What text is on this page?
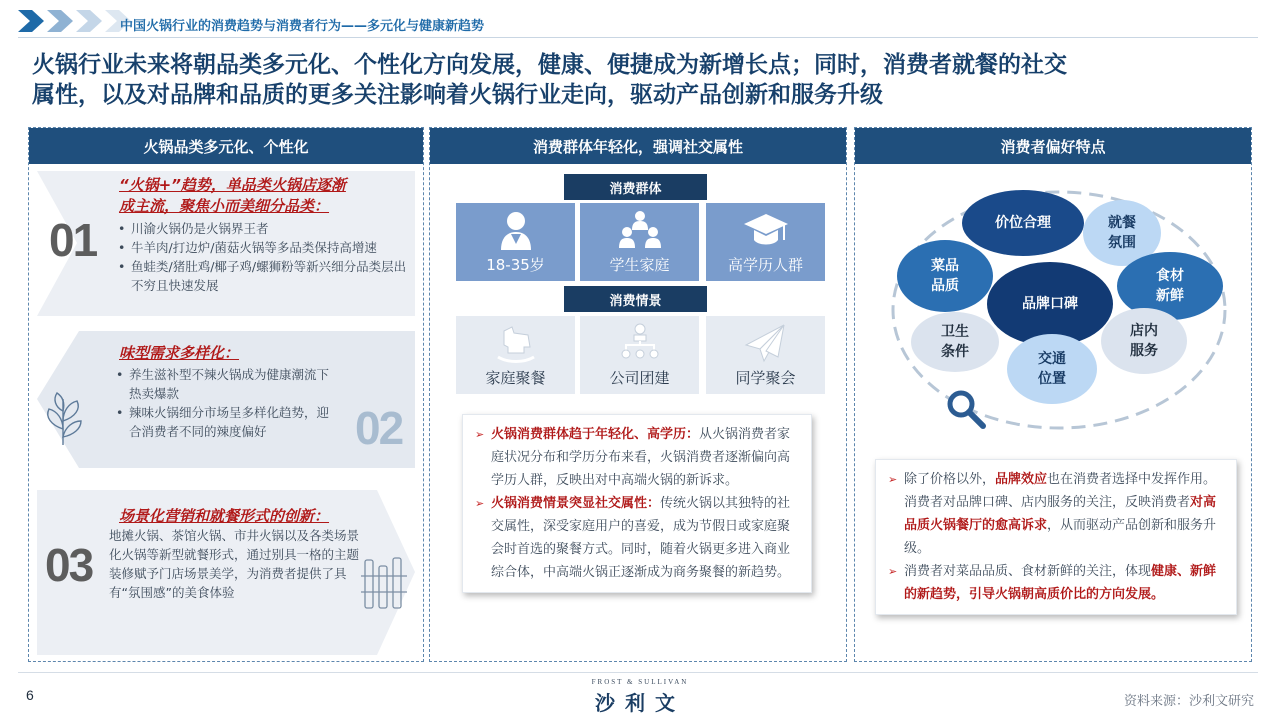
中国火锅行业的消费趋势与消费者行为——多元化与健康新趋势
火锅行业未来将朝品类多元化、个性化方向发展，健康、便捷成为新增长点；同时，消费者就餐的社交
属性，以及对品牌和品质的更多关注影响着火锅行业走向，驱动产品创新和服务升级
火锅品类多元化、个性化
01
“火锅+”趋势，单品类火锅店逐渐
成主流，聚焦小而美细分品类：
• 川渝火锅仍是火锅界王者
• 牛羊肉/打边炉/菌菇火锅等多品类保持高增速
• 鱼蛙类/猪肚鸡/椰子鸡/螺狮粉等新兴细分品类层出不穷且快速发展
02
味型需求多样化：
• 养生滋补型不辣火锅成为健康潮流下热卖爆款
• 辣味火锅细分市场呈多样化趋势，迎合消费者不同的辣度偏好
03
场景化营销和就餐形式的创新：
地摊火锅、茶馆火锅、市井火锅以及各类场景化火锅等新型就餐形式，通过别具一格的主题装修赋予门店场景美学，为消费者提供了具有“氛围感”的美食体验
消费群体年轻化，强调社交属性
消费群体
18-35岁	学生家庭	高学历人群
消费情景
家庭聚餐	公司团建	同学聚会

➢ 火锅消费群体趋于年轻化、高学历：从火锅消费者家庭状况分布和学历分布来看，火锅消费者逐渐偏向高学历人群，反映出对中高端火锅的新诉求。

➢ 火锅消费情景突显社交属性：传统火锅以其独特的社交属性，深受家庭用户的喜爱，成为节假日或家庭聚会时首选的聚餐方式。同时，随着火锅更多进入商业综合体，中高端火锅正逐渐成为商务聚餐的新趋势。

消费者偏好特点
价位合理	就餐
氛围
菜品
品质
品牌口碑
食材
新鲜
卫生
条件
店内
服务
交通
位置

➢ 除了价格以外，品牌效应也在消费者选择中发挥作用。消费者对品牌口碑、店内服务的关注，反映消费者对高品质火锅餐厅的愈高诉求，从而驱动产品创新和服务升级。

➢ 消费者对菜品品质、食材新鲜的关注，体现健康、新鲜的新趋势，引导火锅朝高质价比的方向发展。

6
FROST & SULLIVAN
沙利文	资料来源：沙利文研究
